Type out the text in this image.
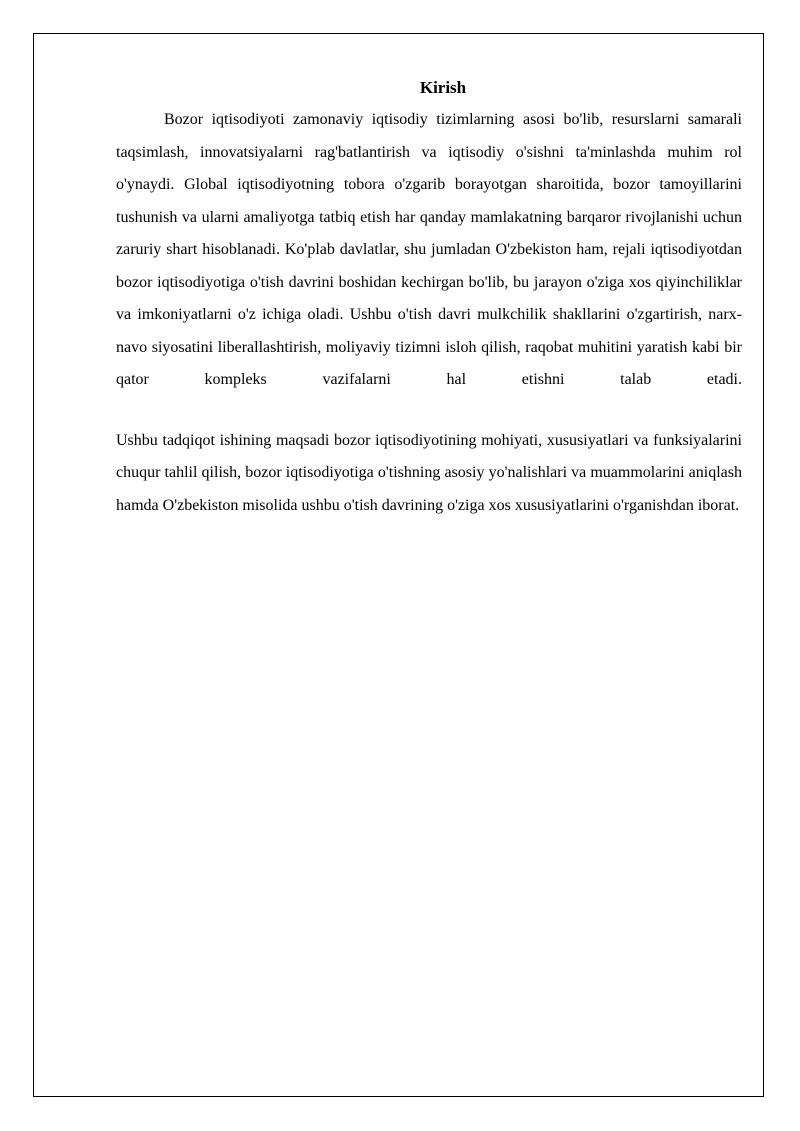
Kirish

Bozor iqtisodiyoti zamonaviy iqtisodiy tizimlarning asosi bo'lib, resurslarni samarali taqsimlash, innovatsiyalarni rag'batlantirish va iqtisodiy o'sishni ta'minlashda muhim rol o'ynaydi. Global iqtisodiyotning tobora o'zgarib borayotgan sharoitida, bozor tamoyillarini tushunish va ularni amaliyotga tatbiq etish har qanday mamlakatning barqaror rivojlanishi uchun zaruriy shart hisoblanadi. Ko'plab davlatlar, shu jumladan O'zbekiston ham, rejali iqtisodiyotdan bozor iqtisodiyotiga o'tish davrini boshidan kechirgan bo'lib, bu jarayon o'ziga xos qiyinchiliklar va imkoniyatlarni o'z ichiga oladi. Ushbu o'tish davri mulkchilik shakllarini o'zgartirish, narx-navo siyosatini liberallashtirish, moliyaviy tizimni isloh qilish, raqobat muhitini yaratish kabi bir qator kompleks vazifalarni hal etishni talab etadi.

Ushbu tadqiqot ishining maqsadi bozor iqtisodiyotining mohiyati, xususiyatlari va funksiyalarini chuqur tahlil qilish, bozor iqtisodiyotiga o'tishning asosiy yo'nalishlari va muammolarini aniqlash hamda O'zbekiston misolida ushbu o'tish davrining o'ziga xos xususiyatlarini o'rganishdan iborat.
